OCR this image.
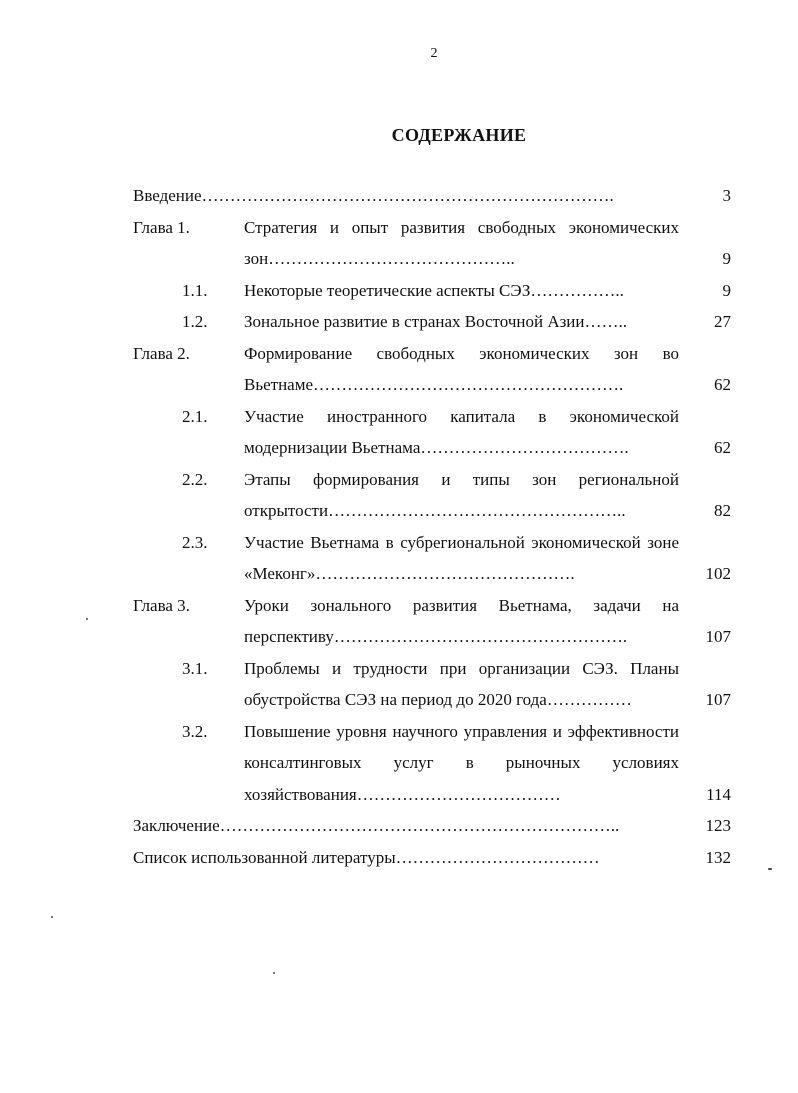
2
СОДЕРЖАНИЕ
Введение……………………………………………………………….	3
Глава 1.	Стратегия и опыт развития свободных экономических зон……………………………………..	9
1.1. Некоторые теоретические аспекты СЭЗ……………..	9
1.2. Зональное развитие в странах Восточной Азии……..	27
Глава 2.	Формирование свободных экономических зон во Вьетнаме……………………………………………….	62
2.1. Участие иностранного капитала в экономической модернизации Вьетнама……………………………….	62
2.2. Этапы формирования и типы зон региональной открытости……………………………………………..	82
2.3. Участие Вьетнама в субрегиональной экономической зоне «Меконг»……………………………………….	102
Глава 3.	Уроки зонального развития Вьетнама, задачи на перспективу…………………………………………….	107
3.1. Проблемы и трудности при организации СЭЗ. Планы обустройства СЭЗ на период до 2020 года……………	107
3.2. Повышение уровня научного управления и эффективности консалтинговых услуг в рыночных условиях хозяйствования………………………………	114
Заключение……………………………………………………………..	123
Список использованной литературы………………………………	132
